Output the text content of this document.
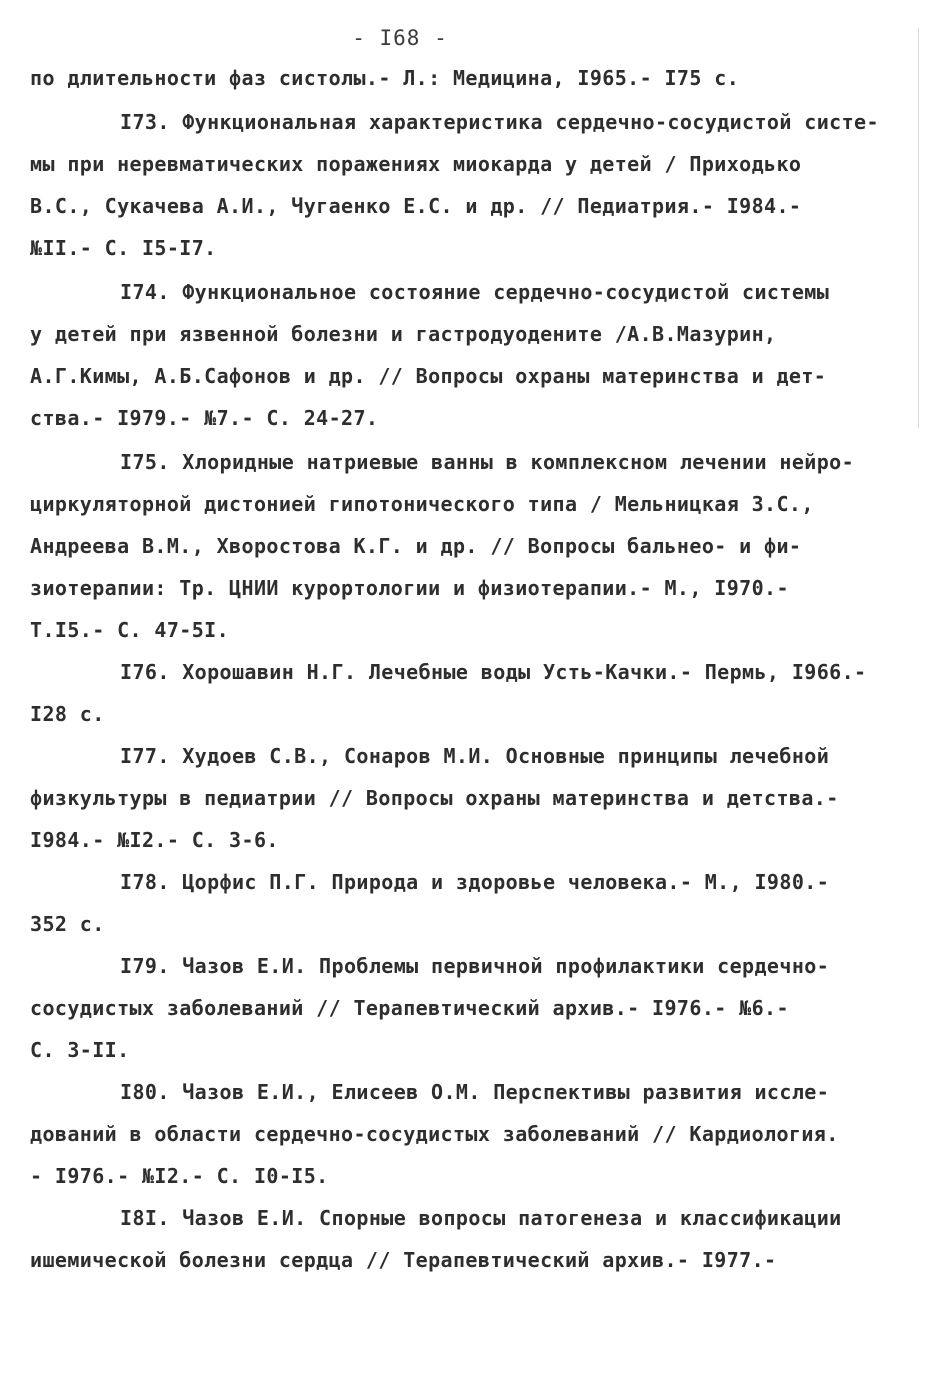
- I68 -
по длительности фаз систолы.- Л.: Медицина, I965.- I75 с.
I73. Функциональная характеристика сердечно-сосудистой систе-
мы при неревматических поражениях миокарда у детей / Приходько
В.С., Сукачева А.И., Чугаенко Е.С. и др. // Педиатрия.- I984.-
№II.- С. I5-I7.
I74. Функциональное состояние сердечно-сосудистой системы
у детей при язвенной болезни и гастродуодените /А.В.Мазурин,
А.Г.Кимы, А.Б.Сафонов и др. // Вопросы охраны материнства и дет-
ства.- I979.- №7.- С. 24-27.
I75. Хлоридные натриевые ванны в комплексном лечении нейро-
циркуляторной дистонией гипотонического типа / Мельницкая З.С.,
Андреева В.М., Хворостова К.Г. и др. // Вопросы бальнео- и фи-
зиотерапии: Тр. ЦНИИ курортологии и физиотерапии.- М., I970.-
Т.I5.- С. 47-5I.
I76. Хорошавин Н.Г. Лечебные воды Усть-Качки.- Пермь, I966.-
I28 с.
I77. Худоев С.В., Сонаров М.И. Основные принципы лечебной
физкультуры в педиатрии // Вопросы охраны материнства и детства.-
I984.- №I2.- С. 3-6.
I78. Цорфис П.Г. Природа и здоровье человека.- М., I980.-
352 с.
I79. Чазов Е.И. Проблемы первичной профилактики сердечно-
сосудистых заболеваний // Терапевтический архив.- I976.- №6.-
С. 3-II.
I80. Чазов Е.И., Елисеев О.М. Перспективы развития иссле-
дований в области сердечно-сосудистых заболеваний // Кардиология.
- I976.- №I2.- С. I0-I5.
I8I. Чазов Е.И. Спорные вопросы патогенеза и классификации
ишемической болезни сердца // Терапевтический архив.- I977.-
